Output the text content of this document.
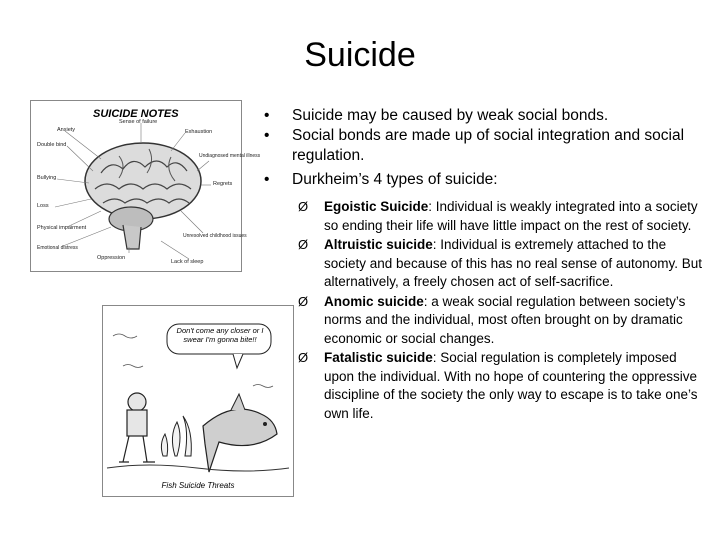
Suicide
SUICIDE NOTES
Sense of failure
Exhaustion
Anxiety
Double bind
Undiagnosed mental illness
Bullying
Regrets
Loss
Physical impairment
Unresolved childhood issues
Emotional distress
Oppression
Lack of sleep
Don't come any closer or I swear I'm gonna bite!!
Fish Suicide Threats
• Suicide may be caused by weak social bonds.
• Social bonds are made up of social integration and social regulation.
• Durkheim’s 4 types of suicide:
Ø Egoistic Suicide: Individual is weakly integrated into a society so ending their life will have little impact on the rest of society.
Ø Altruistic suicide: Individual is extremely attached to the society and because of this has no real sense of autonomy. But alternatively, a freely chosen act of self-sacrifice.
Ø Anomic suicide: a weak social regulation between society’s norms and the individual, most often brought on by dramatic economic or social changes.
Ø Fatalistic suicide: Social regulation is completely imposed upon the individual. With no hope of countering the oppressive discipline of the society the only way to escape is to take one’s own life.
